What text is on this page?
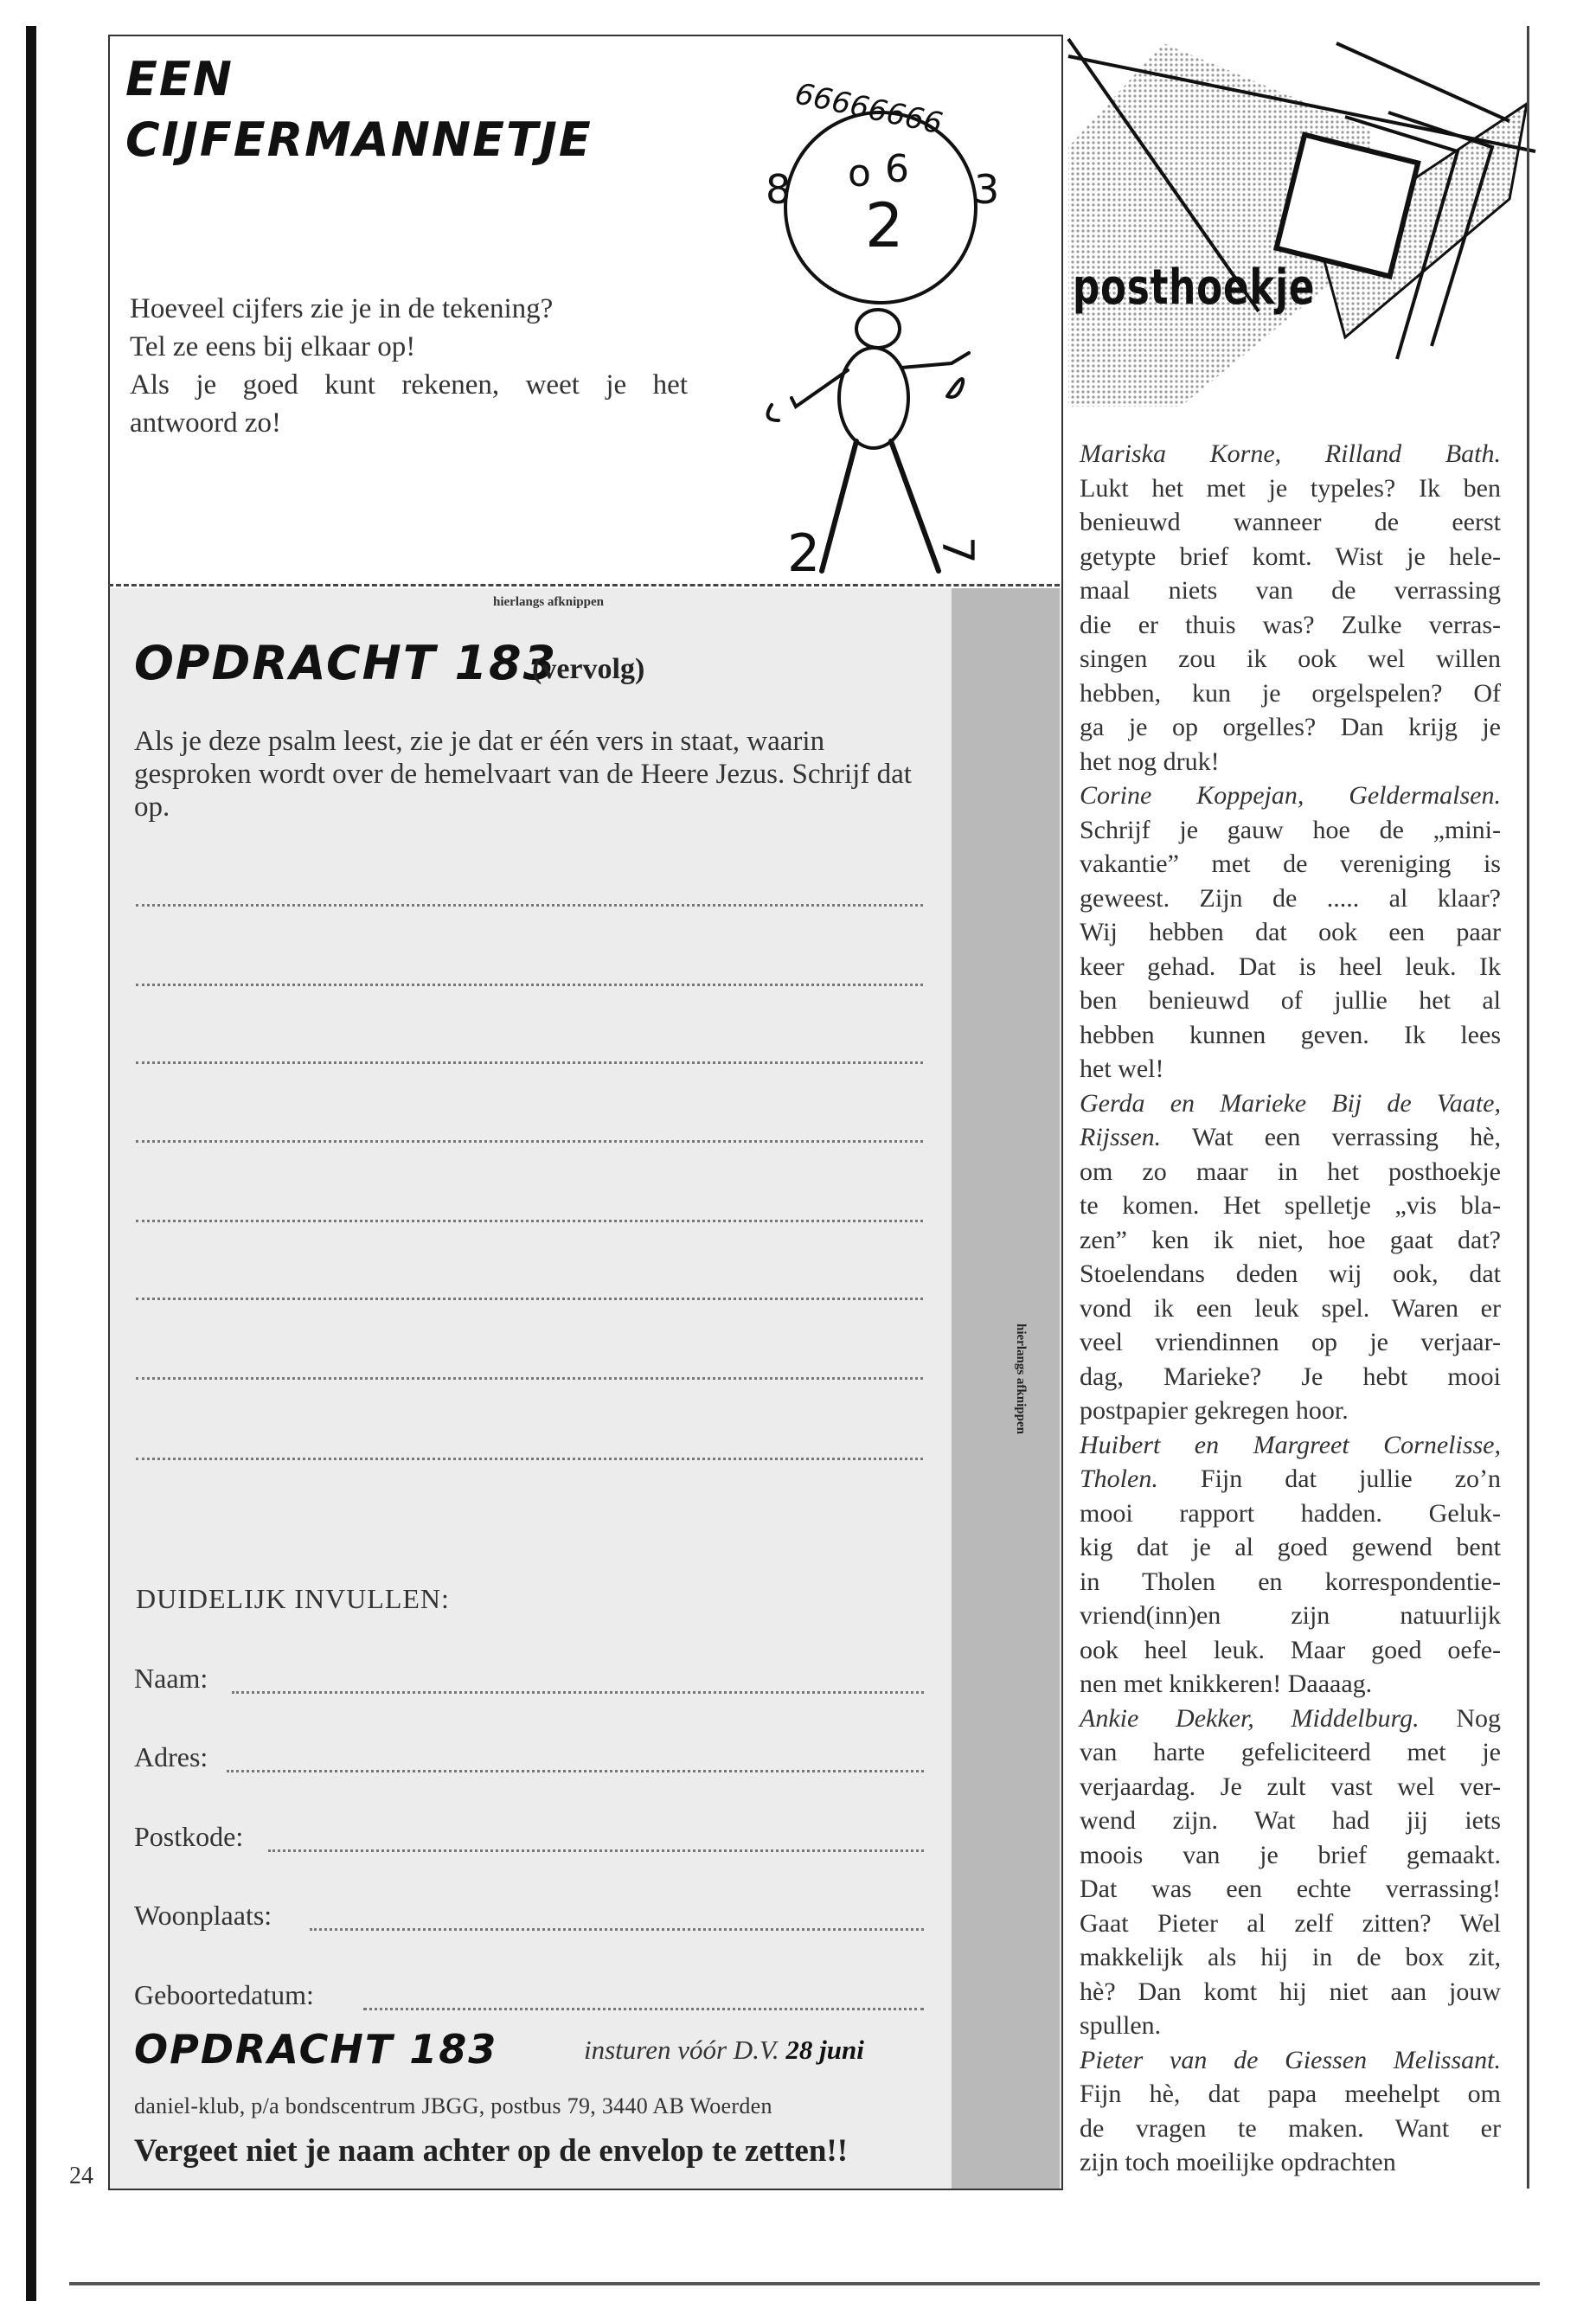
EEN
CIJFERMANNETJE
Hoeveel cijfers zie je in de tekening?
Tel ze eens bij elkaar op!
Als je goed kunt rekenen, weet je het
antwoord zo!
66666666
o 6
2
8	3
2	7
hierlangs afknippen
hierlangs afknippen
OPDRACHT 183
(vervolg)
Als je deze psalm leest, zie je dat er één vers in staat, waarin gesproken wordt over de hemelvaart van de Heere Jezus. Schrijf dat op.
DUIDELIJK INVULLEN:
Naam:
Adres:
Postkode:
Woonplaats:
Geboortedatum:
OPDRACHT 183	insturen vóór D.V. 28 juni
daniel-klub, p/a bondscentrum JBGG, postbus 79, 3440 AB Woerden
Vergeet niet je naam achter op de envelop te zetten!!
24
posthoekje
Mariska Korne, Rilland Bath.
Lukt het met je typeles? Ik ben
benieuwd wanneer de eerst
getypte brief komt. Wist je hele-
maal niets van de verrassing
die er thuis was? Zulke verras-
singen zou ik ook wel willen
hebben, kun je orgelspelen? Of
ga je op orgelles? Dan krijg je
het nog druk!
Corine Koppejan, Geldermalsen.
Schrijf je gauw hoe de „mini-
vakantie” met de vereniging is
geweest. Zijn de ..... al klaar?
Wij hebben dat ook een paar
keer gehad. Dat is heel leuk. Ik
ben benieuwd of jullie het al
hebben kunnen geven. Ik lees
het wel!
Gerda en Marieke Bij de Vaate,
Rijssen. Wat een verrassing hè,
om zo maar in het posthoekje
te komen. Het spelletje „vis bla-
zen” ken ik niet, hoe gaat dat?
Stoelendans deden wij ook, dat
vond ik een leuk spel. Waren er
veel vriendinnen op je verjaar-
dag, Marieke? Je hebt mooi
postpapier gekregen hoor.
Huibert en Margreet Cornelisse,
Tholen. Fijn dat jullie zo’n
mooi rapport hadden. Geluk-
kig dat je al goed gewend bent
in Tholen en korrespondentie-
vriend(inn)en zijn natuurlijk
ook heel leuk. Maar goed oefe-
nen met knikkeren! Daaaag.
Ankie Dekker, Middelburg. Nog
van harte gefeliciteerd met je
verjaardag. Je zult vast wel ver-
wend zijn. Wat had jij iets
moois van je brief gemaakt.
Dat was een echte verrassing!
Gaat Pieter al zelf zitten? Wel
makkelijk als hij in de box zit,
hè? Dan komt hij niet aan jouw
spullen.
Pieter van de Giessen Melissant.
Fijn hè, dat papa meehelpt om
de vragen te maken. Want er
zijn toch moeilijke opdrachten
